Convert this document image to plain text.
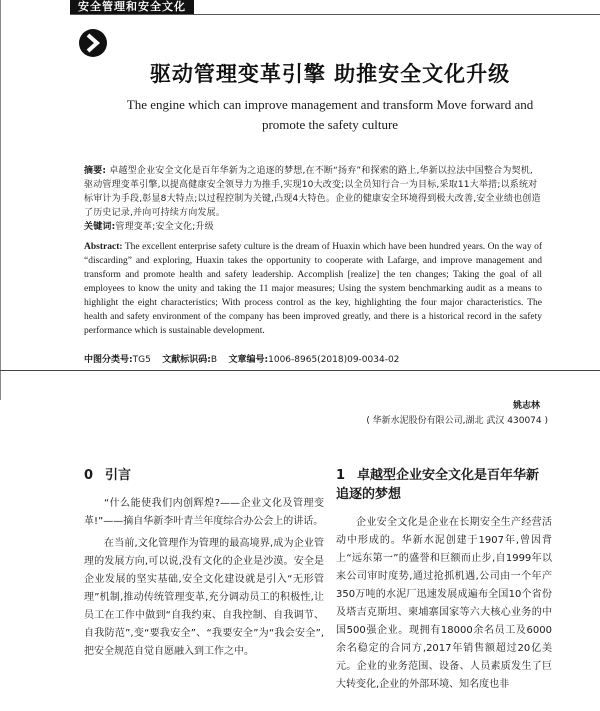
安全管理和安全文化
驱动管理变革引擎 助推安全文化升级
The engine which can improve management and transform Move forward and
promote the safety culture
摘要: 卓越型企业安全文化是百年华新为之追逐的梦想,在不断“扬弃”和探索的路上,华新以拉法中国整合为契机,驱动管理变革引擎,以提高健康安全领导力为推手,实现10大改变;以全员知行合一为目标,采取11大举措;以系统对标审计为手段,彰显8大特点;以过程控制为关键,凸现4大特色。企业的健康安全环境得到极大改善,安全业绩也创造了历史记录,并向可持续方向发展。
关键词:管理变革;安全文化;升级
Abstract: The excellent enterprise safety culture is the dream of Huaxin which have been hundred years. On the way of “discarding” and exploring, Huaxin takes the opportunity to cooperate with Lafarge, and improve management and transform and promote health and safety leadership. Accomplish [realize] the ten changes; Taking the goal of all employees to know the unity and taking the 11 major measures; Using the system benchmarking audit as a means to highlight the eight characteristics; With process control as the key, highlighting the four major characteristics. The health and safety environment of the company has been improved greatly, and there is a historical record in the safety performance which is sustainable development.
中图分类号:TG5 文献标识码:B 文章编号:1006-8965(2018)09-0034-02
姚志林
( 华新水泥股份有限公司,湖北 武汉 430074 )
0 引言

“什么能使我们内创辉煌?——企业文化及管理变革!”——摘自华新李叶青兰年度综合办公会上的讲话。

在当前,文化管理作为管理的最高境界,成为企业管理的发展方向,可以说,没有文化的企业是沙漠。安全是企业发展的坚实基础,安全文化建设就是引入“无形管理”机制,推动传统管理变革,充分调动员工的积极性,让员工在工作中做到“自我约束、自我控制、自我调节、自我防范”,变“要我安全”、“我要安全”为“我会安全”,把安全规范自觉自愿融入到工作之中。

1 卓越型企业安全文化是百年华新追逐的梦想

企业安全文化是企业在长期安全生产经营活动中形成的。华新水泥创建于1907年,曾因背上“远东第一”的盛誉和巨额而止步,自1999年以来公司审时度势,通过抢抓机遇,公司由一个年产350万吨的水泥厂迅速发展成遍布全国10个省份及塔吉克斯坦、柬埔寨国家等六大核心业务的中国500强企业。现拥有18000余名员工及6000余名稳定的合同方,2017年销售额超过20亿美元。企业的业务范围、设备、人员素质发生了巨大转变化,企业的外部环境、知名度也非
